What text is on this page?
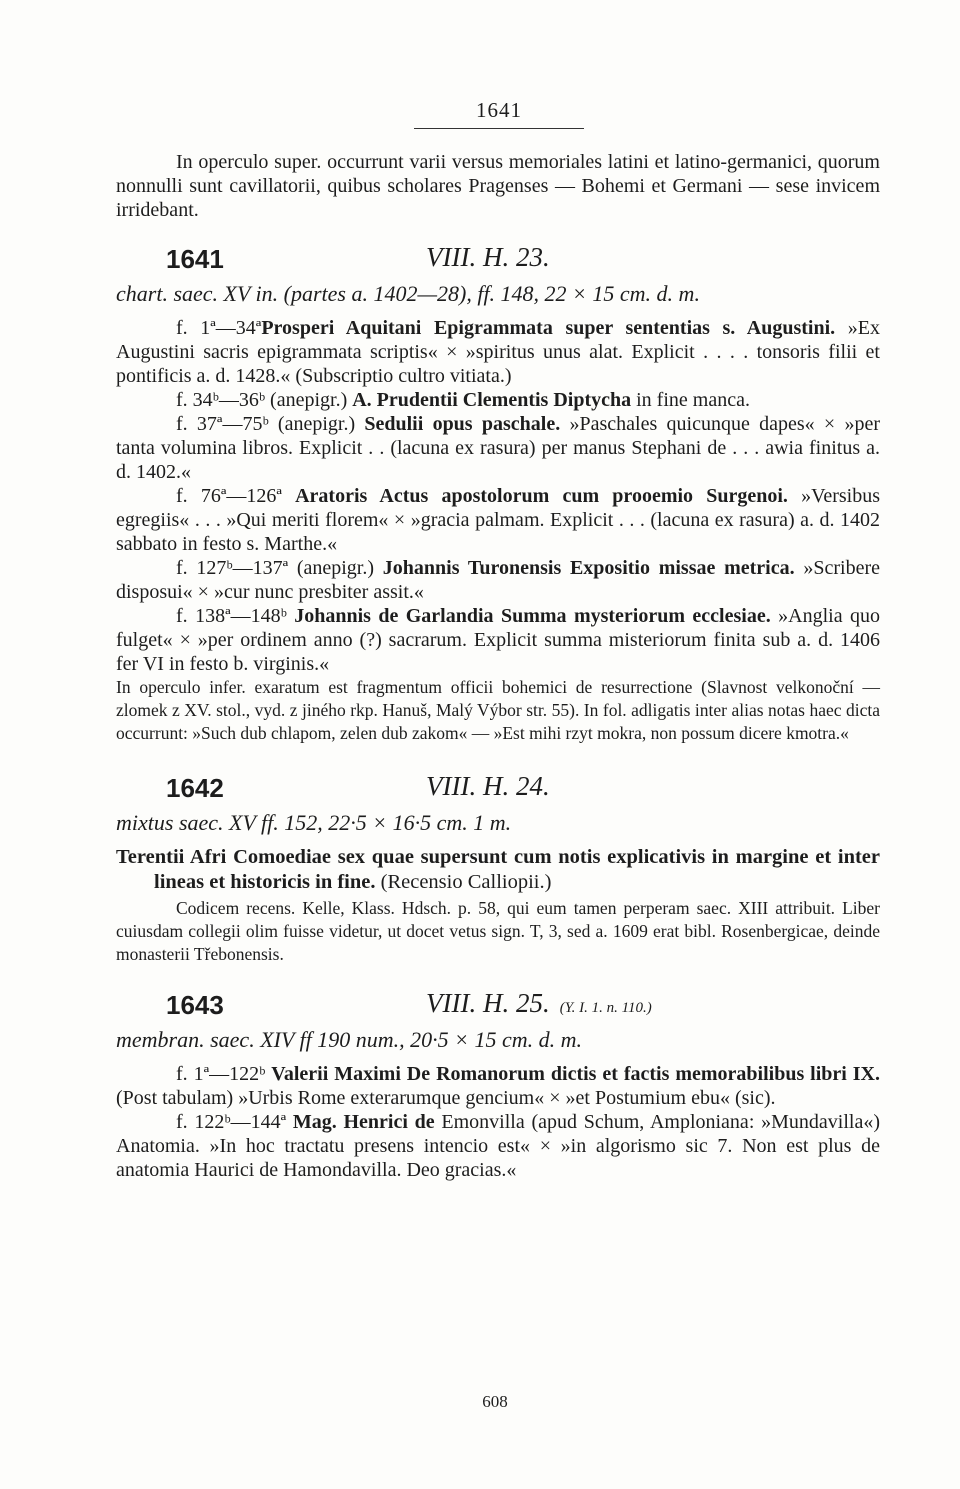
1641

In operculo super. occurrunt varii versus memoriales latini et latino-germanici, quorum nonnulli sunt cavillatorii, quibus scholares Pragenses — Bohemi et Germani — sese invicem irridebant.

1641	VIII. H. 23.

chart. saec. XV in. (partes a. 1402—28), ff. 148, 22 × 15 cm. d. m.

f. 1ª—34ªProsperi Aquitani Epigrammata super sententias s. Augustini. »Ex Augustini sacris epigrammata scriptis« × »spiritus unus alat. Explicit . . . . tonsoris filii et pontificis a. d. 1428.« (Subscriptio cultro vitiata.)

f. 34ᵇ—36ᵇ (anepigr.) A. Prudentii Clementis Diptycha in fine manca.

f. 37ª—75ᵇ (anepigr.) Sedulii opus paschale. »Paschales quicunque dapes« × »per tanta volumina libros. Explicit . . (lacuna ex rasura) per manus Stephani de . . . awia finitus a. d. 1402.«

f. 76ª—126ª Aratoris Actus apostolorum cum prooemio Surgenoi. »Versibus egregiis« . . . »Qui meriti florem« × »gracia palmam. Explicit . . . (lacuna ex rasura) a. d. 1402 sabbato in festo s. Marthe.«

f. 127ᵇ—137ª (anepigr.) Johannis Turonensis Expositio missae metrica. »Scribere disposui« × »cur nunc presbiter assit.«

f. 138ª—148ᵇ Johannis de Garlandia Summa mysteriorum ecclesiae. »Anglia quo fulget« × »per ordinem anno (?) sacrarum. Explicit summa misteriorum finita sub a. d. 1406 fer VI in festo b. virginis.«

In operculo infer. exaratum est fragmentum officii bohemici de resurrectione (Slavnost velkonoční — zlomek z XV. stol., vyd. z jiného rkp. Hanuš, Malý Výbor str. 55). In fol. adligatis inter alias notas haec dicta occurrunt: »Such dub chlapom, zelen dub zakom« — »Est mihi rzyt mokra, non possum dicere kmotra.«

1642	VIII. H. 24.

mixtus saec. XV ff. 152, 22·5 × 16·5 cm. 1 m.

Terentii Afri Comoediae sex quae supersunt cum notis explicativis in margine et inter lineas et historicis in fine. (Recensio Calliopii.)

Codicem recens. Kelle, Klass. Hdsch. p. 58, qui eum tamen perperam saec. XIII attribuit. Liber cuiusdam collegii olim fuisse videtur, ut docet vetus sign. T, 3, sed a. 1609 erat bibl. Rosenbergicae, deinde monasterii Třebonensis.

1643	VIII. H. 25. (Y. I. 1. n. 110.)

membran. saec. XIV ff 190 num., 20·5 × 15 cm. d. m.

f. 1ª—122ᵇ Valerii Maximi De Romanorum dictis et factis memorabilibus libri IX. (Post tabulam) »Urbis Rome exterarumque gencium« × »et Postumium ebu« (sic).

f. 122ᵇ—144ª Mag. Henrici de Emonvilla (apud Schum, Amploniana: »Mundavilla«) Anatomia. »In hoc tractatu presens intencio est« × »in algorismo sic 7. Non est plus de anatomia Haurici de Hamondavilla. Deo gracias.«

608
